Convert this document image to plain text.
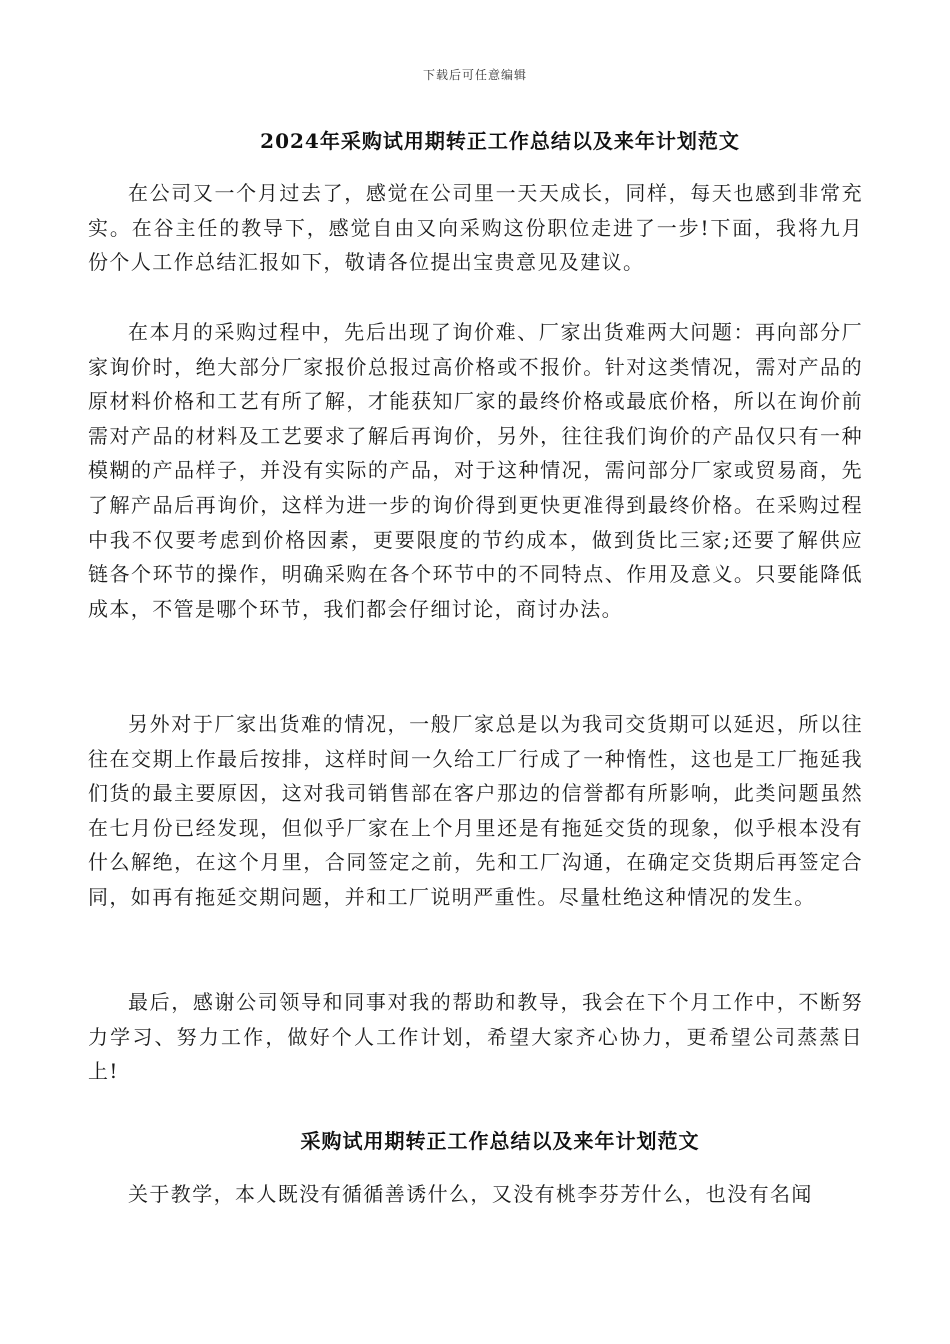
下载后可任意编辑
2024年采购试用期转正工作总结以及来年计划范文

在公司又一个月过去了，感觉在公司里一天天成长，同样，每天也感到非常充实。在谷主任的教导下，感觉自由又向采购这份职位走进了一步!下面，我将九月份个人工作总结汇报如下，敬请各位提出宝贵意见及建议。

在本月的采购过程中，先后出现了询价难、厂家出货难两大问题：再向部分厂家询价时，绝大部分厂家报价总报过高价格或不报价。针对这类情况，需对产品的原材料价格和工艺有所了解，才能获知厂家的最终价格或最底价格，所以在询价前需对产品的材料及工艺要求了解后再询价，另外，往往我们询价的产品仅只有一种模糊的产品样子，并没有实际的产品，对于这种情况，需问部分厂家或贸易商，先了解产品后再询价，这样为进一步的询价得到更快更准得到最终价格。在采购过程中我不仅要考虑到价格因素，更要限度的节约成本，做到货比三家;还要了解供应链各个环节的操作，明确采购在各个环节中的不同特点、作用及意义。只要能降低成本，不管是哪个环节，我们都会仔细讨论，商讨办法。

另外对于厂家出货难的情况，一般厂家总是以为我司交货期可以延迟，所以往往在交期上作最后按排，这样时间一久给工厂行成了一种惰性，这也是工厂拖延我们货的最主要原因，这对我司销售部在客户那边的信誉都有所影响，此类问题虽然在七月份已经发现，但似乎厂家在上个月里还是有拖延交货的现象，似乎根本没有什么解绝，在这个月里，合同签定之前，先和工厂沟通，在确定交货期后再签定合同，如再有拖延交期问题，并和工厂说明严重性。尽量杜绝这种情况的发生。

最后，感谢公司领导和同事对我的帮助和教导，我会在下个月工作中，不断努力学习、努力工作，做好个人工作计划，希望大家齐心协力，更希望公司蒸蒸日上!

采购试用期转正工作总结以及来年计划范文

关于教学，本人既没有循循善诱什么，又没有桃李芬芳什么，也没有名闻
